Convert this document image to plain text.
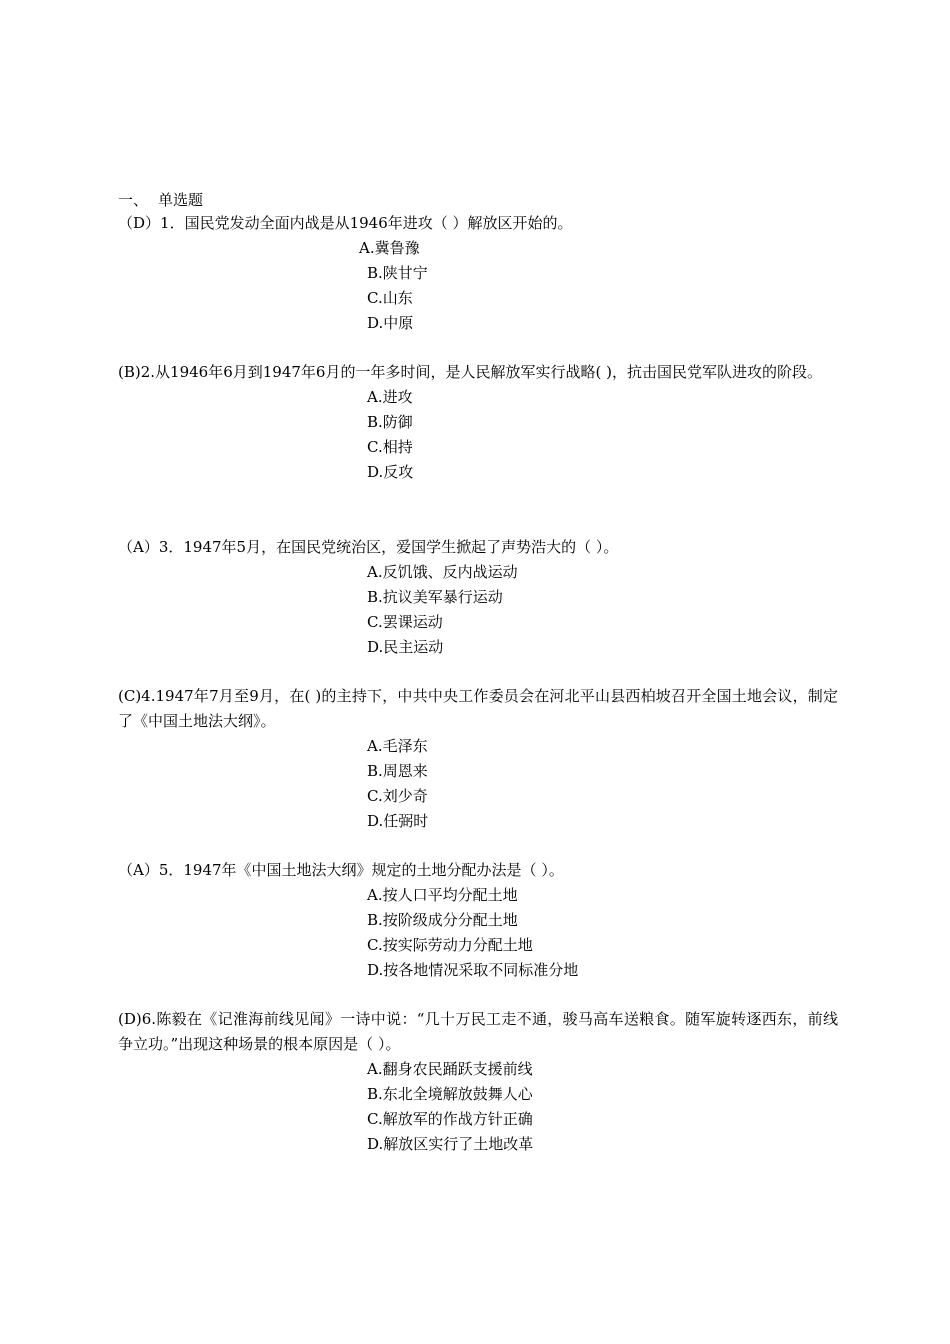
一、 单选题

（D）1．国民党发动全面内战是从1946年进攻（ ）解放区开始的。

A.冀鲁豫
B.陕甘宁
C.山东
D.中原

(B)2.从1946年6月到1947年6月的一年多时间，是人民解放军实行战略( )，抗击国民党军队进攻的阶段。

A.进攻
B.防御
C.相持
D.反攻

（A）3．1947年5月，在国民党统治区，爱国学生掀起了声势浩大的（ ）。

A.反饥饿、反内战运动
B.抗议美军暴行运动
C.罢课运动
D.民主运动

(C)4.1947年7月至9月，在( )的主持下，中共中央工作委员会在河北平山县西柏坡召开全国土地会议，制定了《中国土地法大纲》。

A.毛泽东
B.周恩来
C.刘少奇
D.任弼时

（A）5．1947年《中国土地法大纲》规定的土地分配办法是（ ）。

A.按人口平均分配土地
B.按阶级成分分配土地
C.按实际劳动力分配土地
D.按各地情况采取不同标准分地

(D)6.陈毅在《记淮海前线见闻》一诗中说：“几十万民工走不通，骏马高车送粮食。随军旋转逐西东，前线争立功。”出现这种场景的根本原因是（ ）。

A.翻身农民踊跃支援前线
B.东北全境解放鼓舞人心
C.解放军的作战方针正确
D.解放区实行了土地改革
